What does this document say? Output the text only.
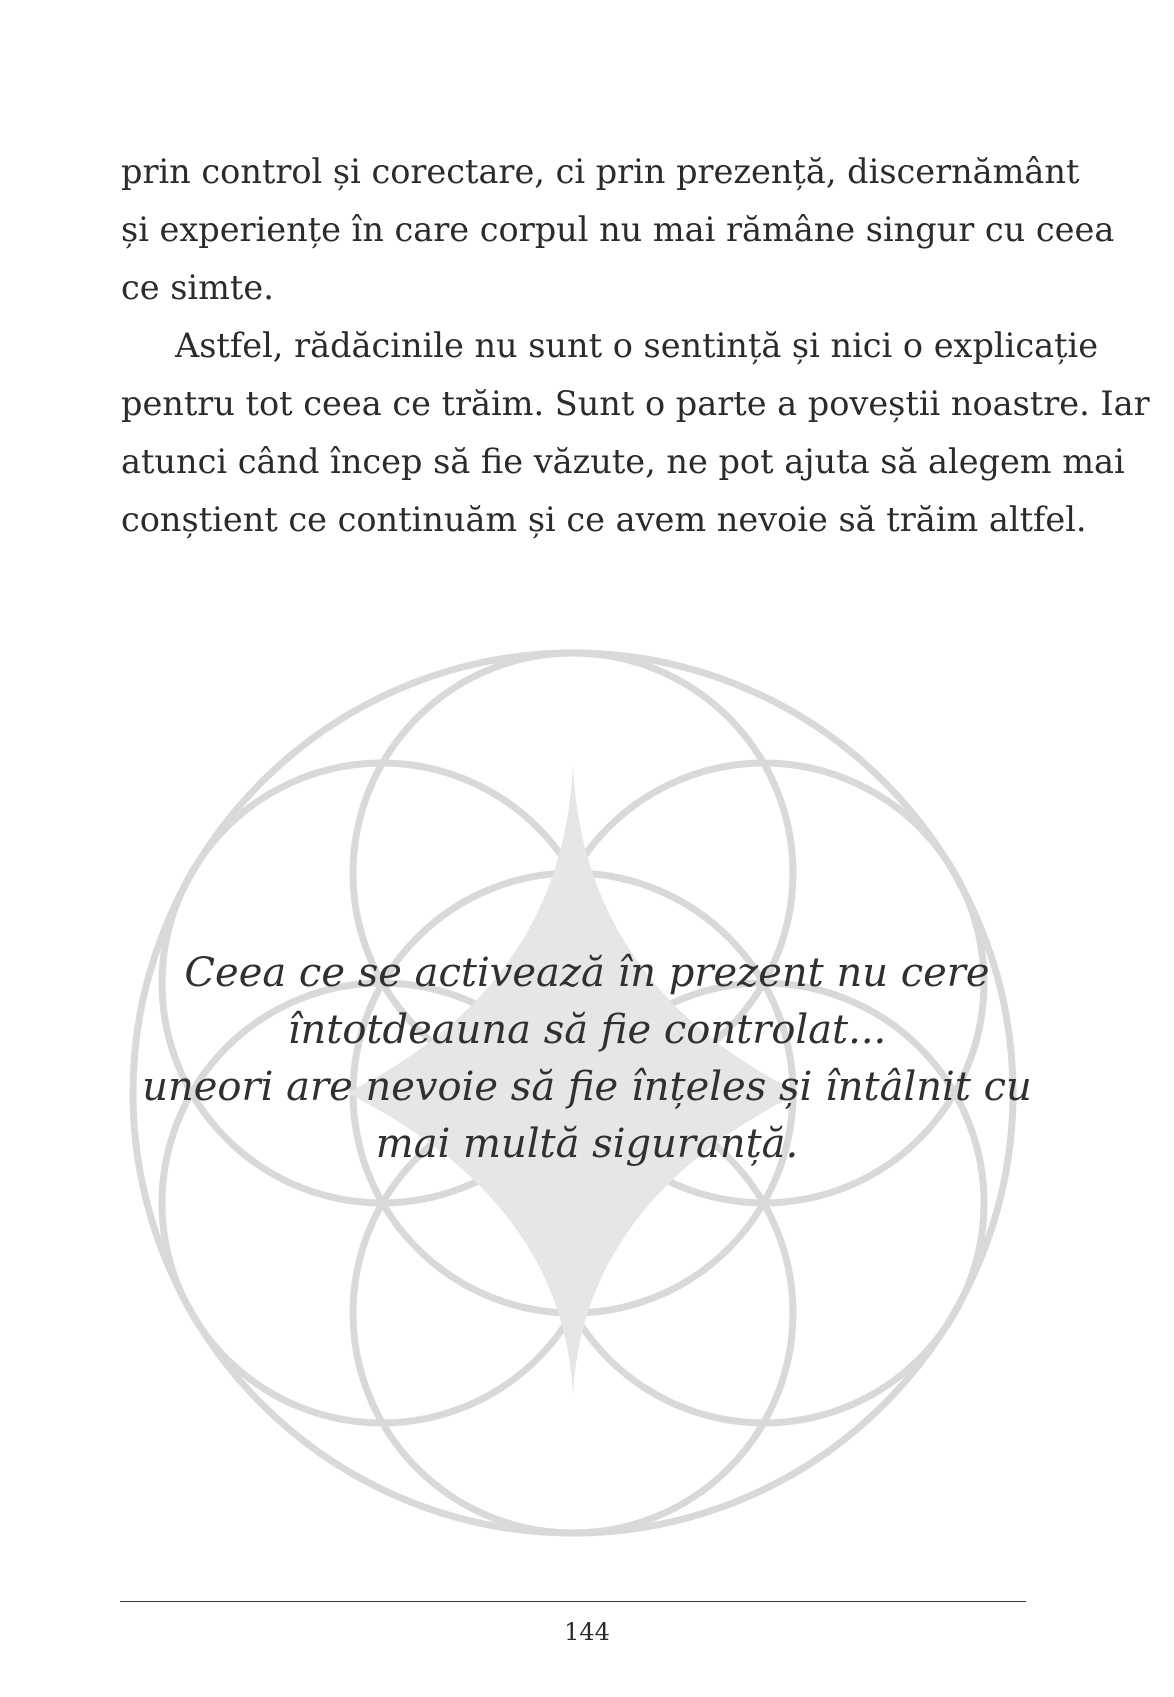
prin control și corectare, ci prin prezență, discernământ

și experiențe în care corpul nu mai rămâne singur cu ceea

ce simte.

Astfel, rădăcinile nu sunt o sentință și nici o explicație

pentru tot ceea ce trăim. Sunt o parte a poveștii noastre. Iar

atunci când încep să fie văzute, ne pot ajuta să alegem mai

conștient ce continuăm și ce avem nevoie să trăim altfel.

Ceea ce se activează în prezent nu cere

întotdeauna să fie controlat...

uneori are nevoie să fie înțeles și întâlnit cu

mai multă siguranță.

144
